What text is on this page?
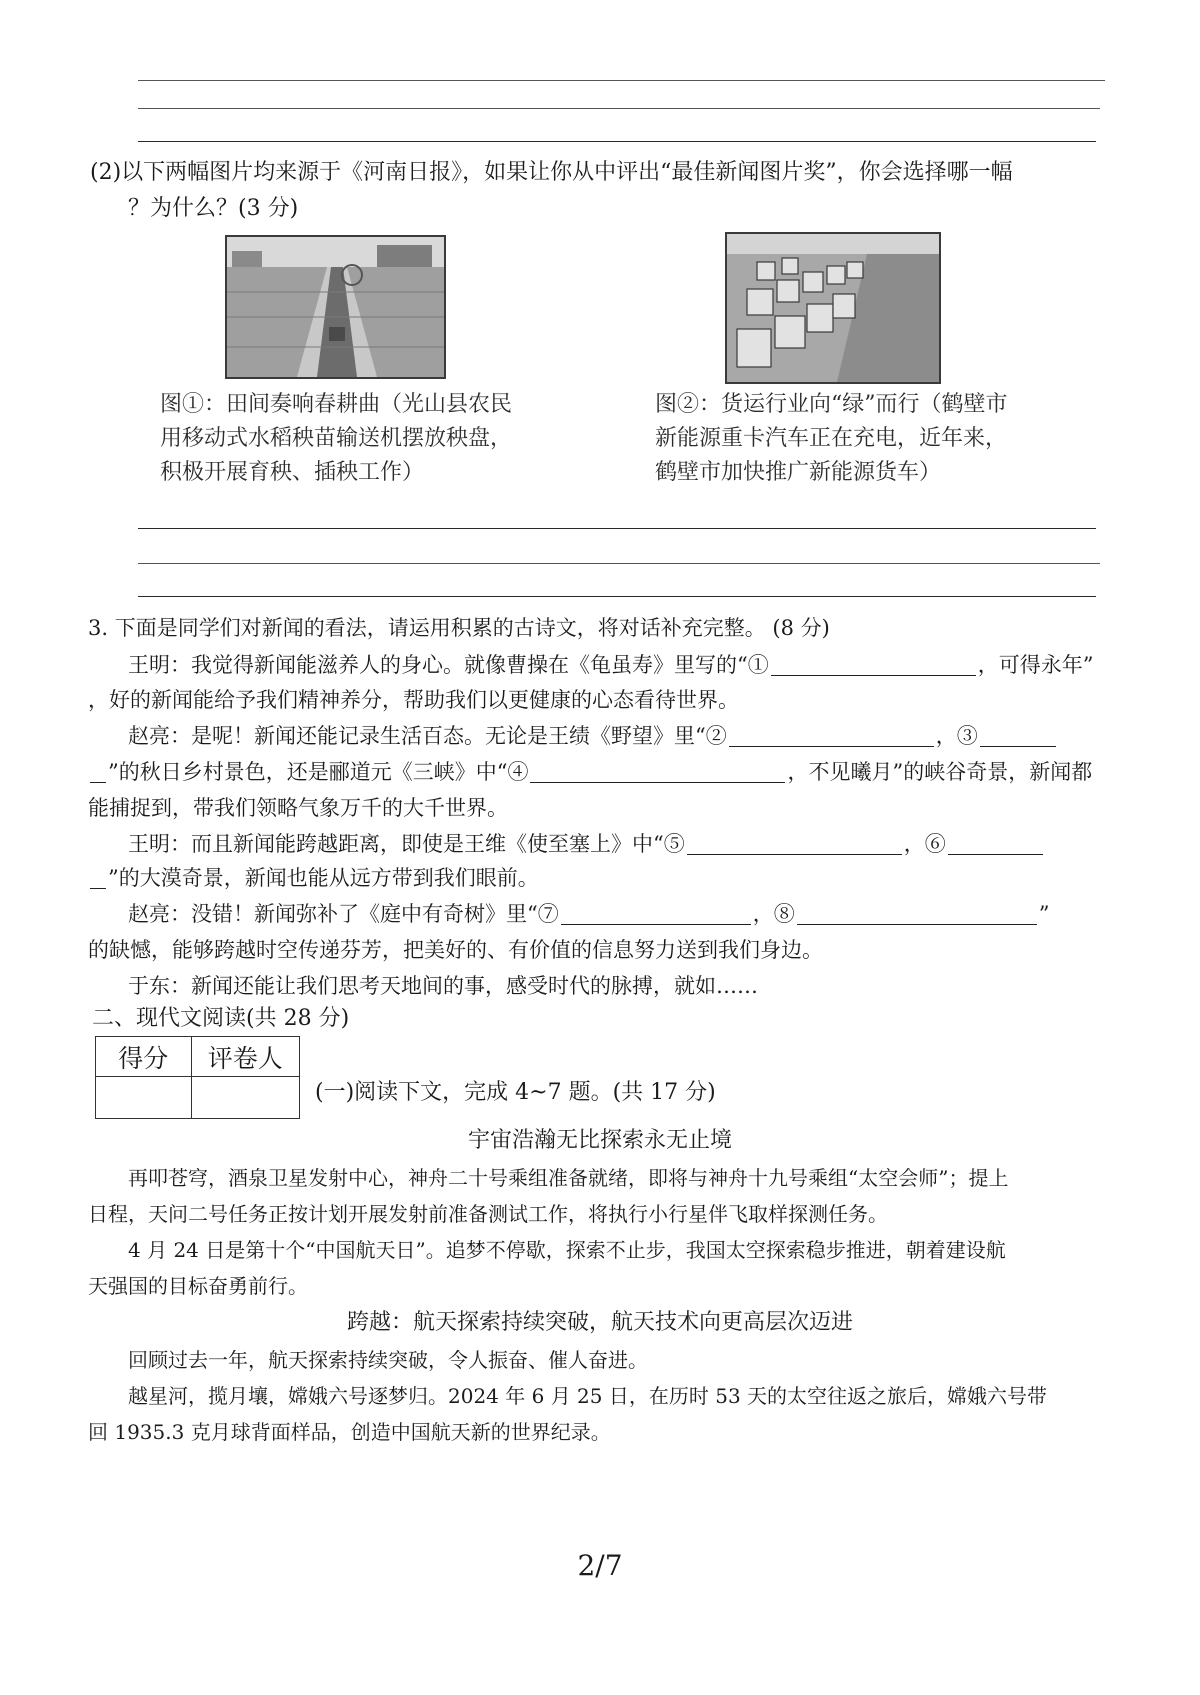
(2)以下两幅图片均来源于《河南日报》，如果让你从中评出“最佳新闻图片奖”，你会选择哪一幅
？为什么？(3 分)
图①：田间奏响春耕曲（光山县农民用移动式水稻秧苗输送机摆放秧盘，积极开展育秧、插秧工作）
图②：货运行业向“绿”而行（鹤壁市新能源重卡汽车正在充电，近年来，鹤壁市加快推广新能源货车）
3. 下面是同学们对新闻的看法，请运用积累的古诗文，将对话补充完整。 (8 分)
王明：我觉得新闻能滋养人的身心。就像曹操在《龟虽寿》里写的“①	，可得永年”
，好的新闻能给予我们精神养分，帮助我们以更健康的心态看待世界。
赵亮：是呢！新闻还能记录生活百态。无论是王绩《野望》里“②	，③
”的秋日乡村景色，还是郦道元《三峡》中“④	，不见曦月”的峡谷奇景，新闻都
能捕捉到，带我们领略气象万千的大千世界。
王明：而且新闻能跨越距离，即使是王维《使至塞上》中“⑤	，⑥
”的大漠奇景，新闻也能从远方带到我们眼前。
赵亮：没错！新闻弥补了《庭中有奇树》里“⑦	，⑧	”
的缺憾，能够跨越时空传递芬芳，把美好的、有价值的信息努力送到我们身边。
于东：新闻还能让我们思考天地间的事，感受时代的脉搏，就如……
二、现代文阅读(共 28 分)
得分	评卷人

(一)阅读下文，完成 4~7 题。(共 17 分)
宇宙浩瀚无比探索永无止境
再叩苍穹，酒泉卫星发射中心，神舟二十号乘组准备就绪，即将与神舟十九号乘组“太空会师”；提上
日程，天问二号任务正按计划开展发射前准备测试工作，将执行小行星伴飞取样探测任务。
4 月 24 日是第十个“中国航天日”。追梦不停歇，探索不止步，我国太空探索稳步推进，朝着建设航
天强国的目标奋勇前行。
跨越：航天探索持续突破，航天技术向更高层次迈进
回顾过去一年，航天探索持续突破，令人振奋、催人奋进。
越星河，揽月壤，嫦娥六号逐梦归。2024 年 6 月 25 日，在历时 53 天的太空往返之旅后，嫦娥六号带
回 1935.3 克月球背面样品，创造中国航天新的世界纪录。
2/7
